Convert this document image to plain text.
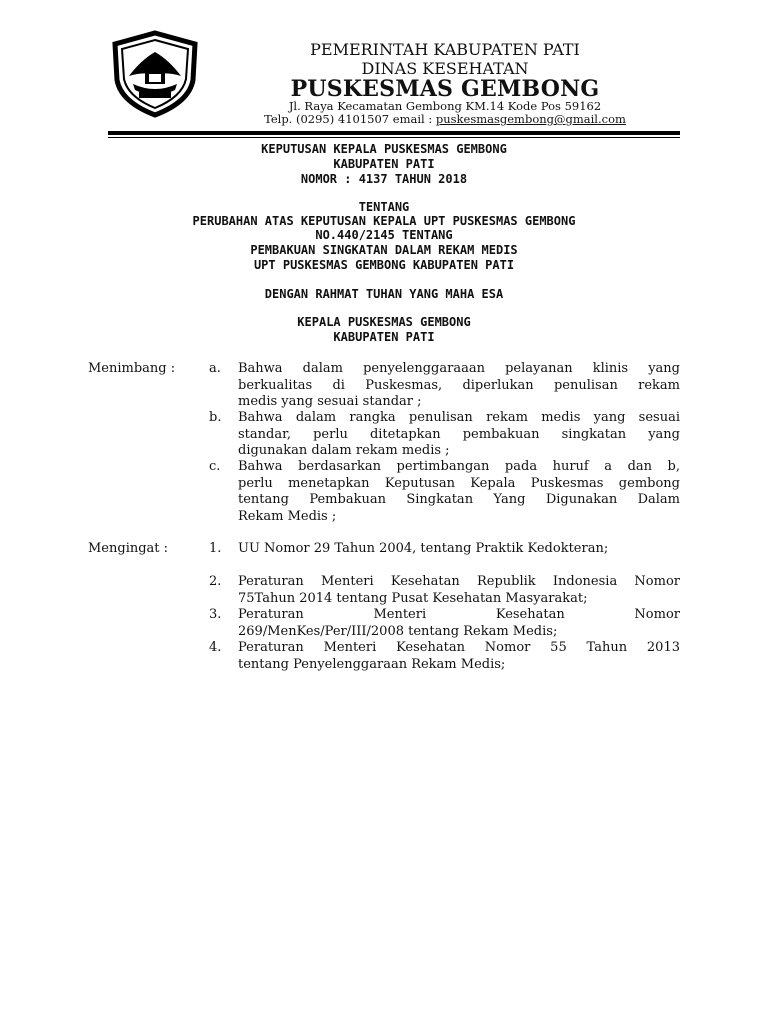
PEMERINTAH KABUPATEN PATI
DINAS KESEHATAN
PUSKESMAS GEMBONG
Jl. Raya Kecamatan Gembong KM.14 Kode Pos 59162
Telp. (0295) 4101507 email : puskesmasgembong@gmail.com
KEPUTUSAN KEPALA PUSKESMAS GEMBONG
KABUPATEN PATI
NOMOR : 4137 TAHUN 2018
TENTANG
PERUBAHAN ATAS KEPUTUSAN KEPALA UPT PUSKESMAS GEMBONG
NO.440/2145 TENTANG
PEMBAKUAN SINGKATAN DALAM REKAM MEDIS
UPT PUSKESMAS GEMBONG KABUPATEN PATI
DENGAN RAHMAT TUHAN YANG MAHA ESA
KEPALA PUSKESMAS GEMBONG
KABUPATEN PATI
Menimbang :	a.	Bahwa dalam penyelenggaraaan pelayanan klinis yang
berkualitas di Puskesmas, diperlukan penulisan rekam
medis yang sesuai standar ;
b.	Bahwa dalam rangka penulisan rekam medis yang sesuai
standar, perlu ditetapkan pembakuan singkatan yang
digunakan dalam rekam medis ;
c.	Bahwa berdasarkan pertimbangan pada huruf a dan b,
perlu menetapkan Keputusan Kepala Puskesmas gembong
tentang Pembakuan Singkatan Yang Digunakan Dalam
Rekam Medis ;
Mengingat :	1.	UU Nomor 29 Tahun 2004, tentang Praktik Kedokteran;
2.	Peraturan Menteri Kesehatan Republik Indonesia Nomor
75Tahun 2014 tentang Pusat Kesehatan Masyarakat;
3.	Peraturan Menteri Kesehatan Nomor
269/MenKes/Per/III/2008 tentang Rekam Medis;
4.	Peraturan Menteri Kesehatan Nomor 55 Tahun 2013
tentang Penyelenggaraan Rekam Medis;
